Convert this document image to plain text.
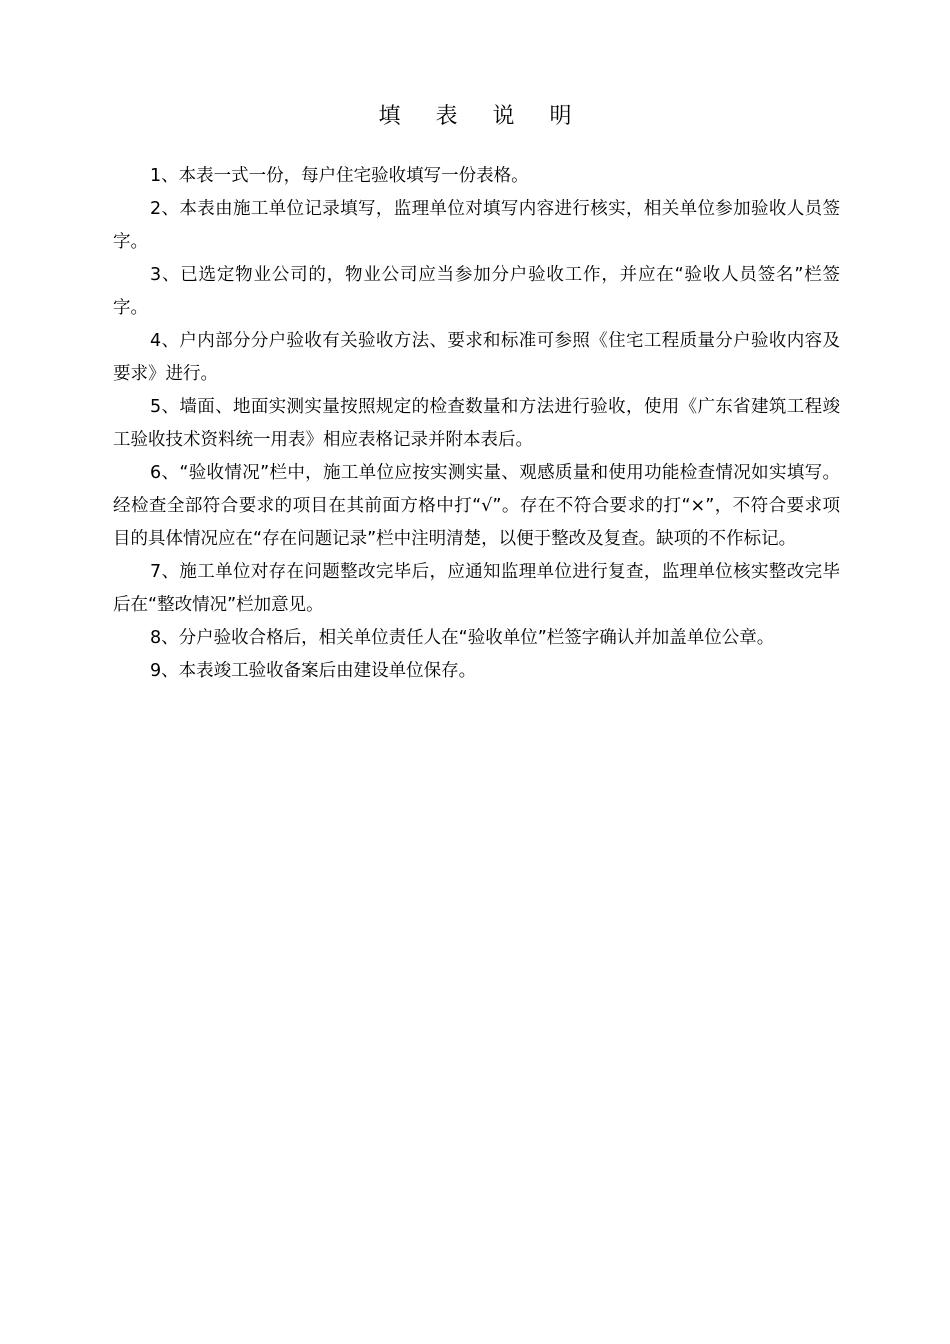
填 表 说 明

1、本表一式一份，每户住宅验收填写一份表格。

2、本表由施工单位记录填写，监理单位对填写内容进行核实，相关单位参加验收人员签字。

3、已选定物业公司的，物业公司应当参加分户验收工作，并应在“验收人员签名”栏签字。

4、户内部分分户验收有关验收方法、要求和标准可参照《住宅工程质量分户验收内容及要求》进行。

5、墙面、地面实测实量按照规定的检查数量和方法进行验收，使用《广东省建筑工程竣工验收技术资料统一用表》相应表格记录并附本表后。

6、“验收情况”栏中，施工单位应按实测实量、观感质量和使用功能检查情况如实填写。经检查全部符合要求的项目在其前面方格中打“√”。存在不符合要求的打“×”，不符合要求项目的具体情况应在“存在问题记录”栏中注明清楚，以便于整改及复查。缺项的不作标记。

7、施工单位对存在问题整改完毕后，应通知监理单位进行复查，监理单位核实整改完毕后在“整改情况”栏加意见。

8、分户验收合格后，相关单位责任人在“验收单位”栏签字确认并加盖单位公章。

9、本表竣工验收备案后由建设单位保存。
